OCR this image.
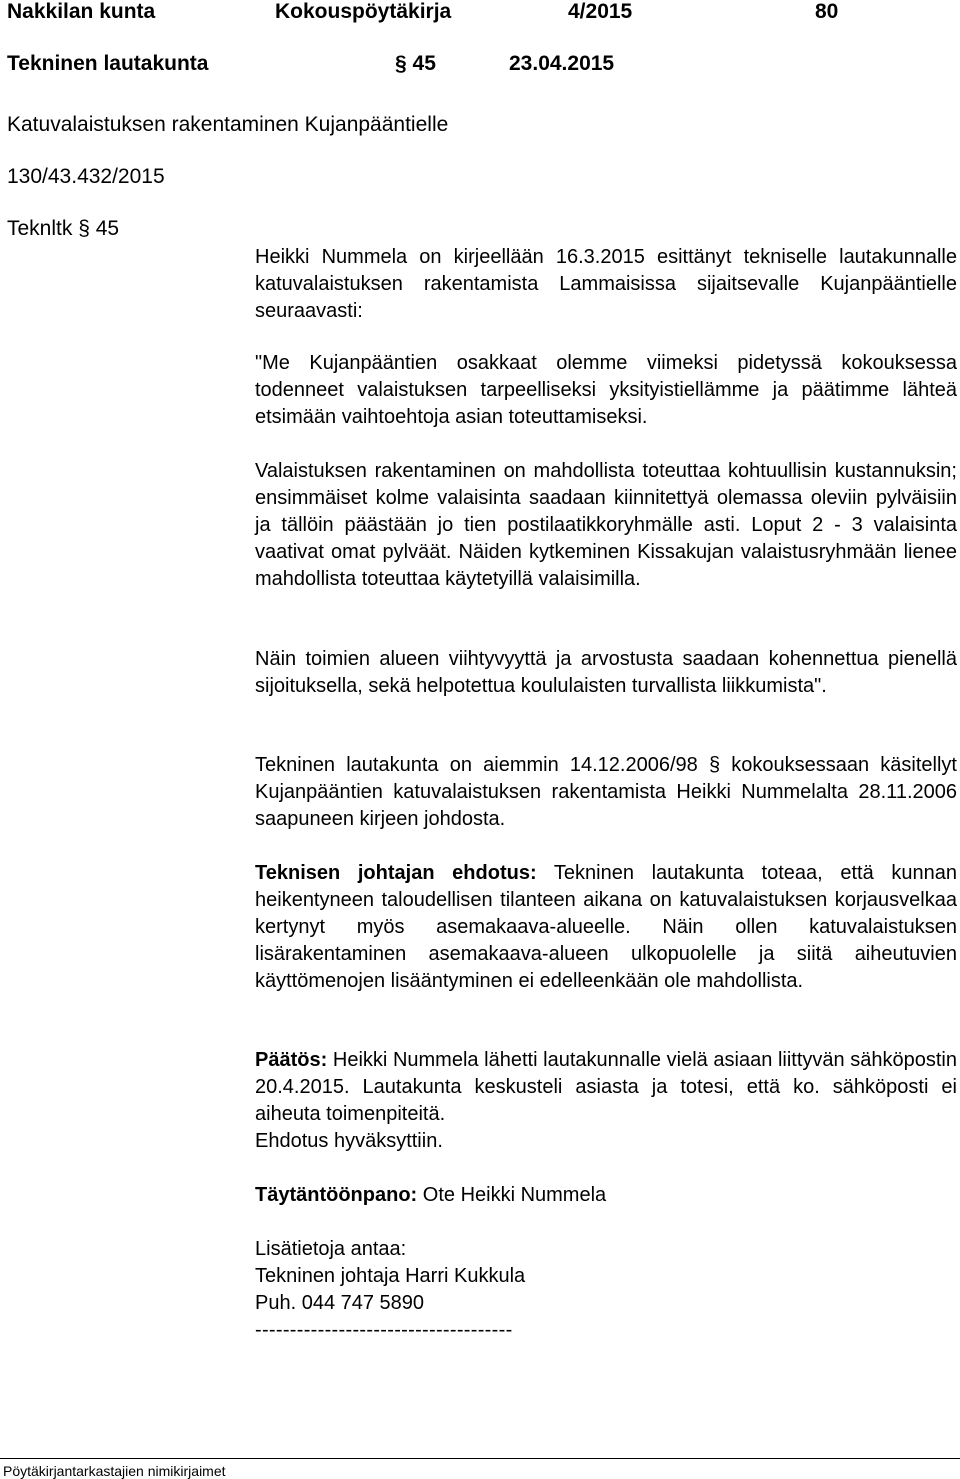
Nakkilan kunta	Kokouspöytäkirja	4/2015	80
Tekninen lautakunta	§ 45	23.04.2015
Katuvalaistuksen rakentaminen Kujanpääntielle
130/43.432/2015
Teknltk § 45

Heikki Nummela on kirjeellään 16.3.2015 esittänyt tekniselle lautakunnalle katuvalaistuksen rakentamista Lammaisissa sijaitsevalle Kujanpääntielle seuraavasti:

"Me Kujanpääntien osakkaat olemme viimeksi pidetyssä kokouksessa todenneet valaistuksen tarpeelliseksi yksityistiellämme ja päätimme lähteä etsimään vaihtoehtoja asian toteuttamiseksi.

Valaistuksen rakentaminen on mahdollista toteuttaa kohtuullisin kustannuksin; ensimmäiset kolme valaisinta saadaan kiinnitettyä olemassa oleviin pylväisiin ja tällöin päästään jo tien postilaatikkoryhmälle asti. Loput 2 - 3 valaisinta vaativat omat pylväät. Näiden kytkeminen Kissakujan valaistusryhmään lienee mahdollista toteuttaa käytetyillä valaisimilla.

Näin toimien alueen viihtyvyyttä ja arvostusta saadaan kohennettua pienellä sijoituksella, sekä helpotettua koululaisten turvallista liikkumista".

Tekninen lautakunta on aiemmin 14.12.2006/98 § kokouksessaan käsitellyt Kujanpääntien katuvalaistuksen rakentamista Heikki Nummelalta 28.11.2006 saapuneen kirjeen johdosta.

Teknisen johtajan ehdotus: Tekninen lautakunta toteaa, että kunnan heikentyneen taloudellisen tilanteen aikana on katuvalaistuksen korjausvelkaa kertynyt myös asemakaava-alueelle. Näin ollen katuvalaistuksen lisärakentaminen asemakaava-alueen ulkopuolelle ja siitä aiheutuvien käyttömenojen lisääntyminen ei edelleenkään ole mahdollista.

Päätös: Heikki Nummela lähetti lautakunnalle vielä asiaan liittyvän sähköpostin 20.4.2015. Lautakunta keskusteli asiasta ja totesi, että ko. sähköposti ei aiheuta toimenpiteitä.

Ehdotus hyväksyttiin.

Täytäntöönpano: Ote Heikki Nummela

Lisätietoja antaa:

Tekninen johtaja Harri Kukkula

Puh. 044 747 5890

-------------------------------------

Pöytäkirjantarkastajien nimikirjaimet
